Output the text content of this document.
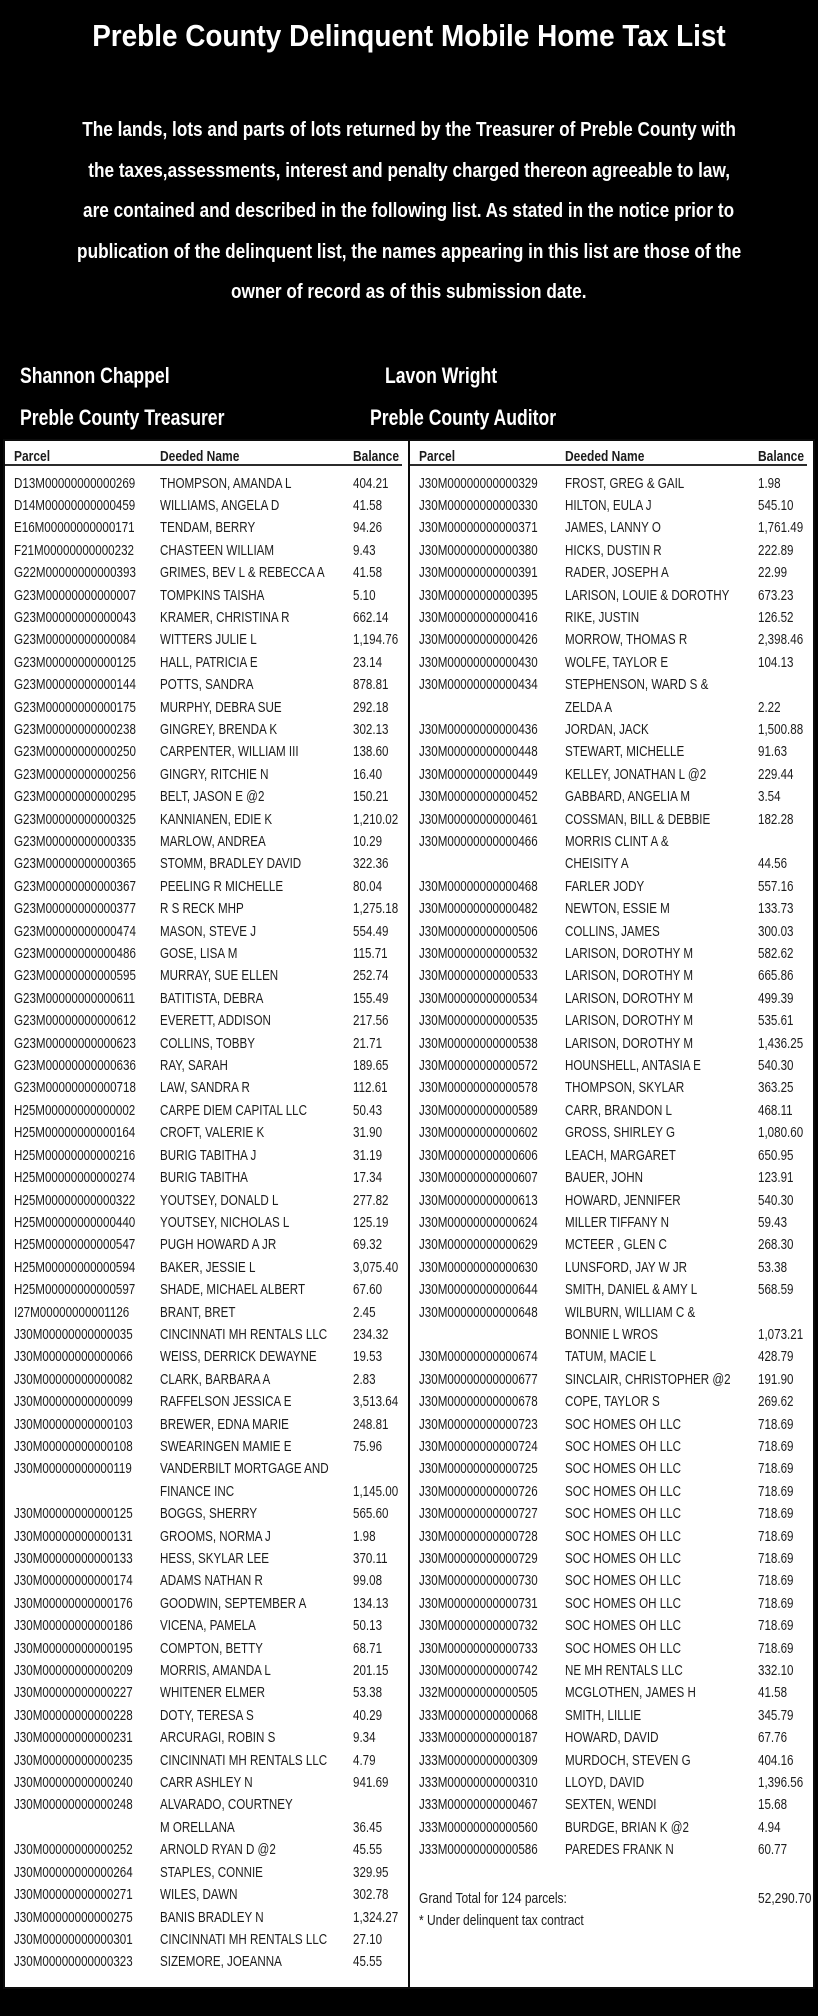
Preble County Delinquent Mobile Home Tax List
The lands, lots and parts of lots returned by the Treasurer of Preble County with
the taxes,assessments, interest and penalty charged thereon agreeable to law,
are contained and described in the following list. As stated in the notice prior to
publication of the delinquent list, the names appearing in this list are those of the
owner of record as of this submission date.
Shannon Chappel
Preble County Treasurer
Lavon Wright
Preble County Auditor
Parcel	Deeded Name	Balance
D13M00000000000269	THOMPSON, AMANDA L	404.21
D14M00000000000459	WILLIAMS, ANGELA D	41.58
E16M00000000000171	TENDAM, BERRY	94.26
F21M00000000000232	CHASTEEN WILLIAM	9.43
G22M00000000000393	GRIMES, BEV L & REBECCA A	41.58
G23M00000000000007	TOMPKINS TAISHA	5.10
G23M00000000000043	KRAMER, CHRISTINA R	662.14
G23M00000000000084	WITTERS JULIE L	1,194.76
G23M00000000000125	HALL, PATRICIA E	23.14
G23M00000000000144	POTTS, SANDRA	878.81
G23M00000000000175	MURPHY, DEBRA SUE	292.18
G23M00000000000238	GINGREY, BRENDA K	302.13
G23M00000000000250	CARPENTER, WILLIAM III	138.60
G23M00000000000256	GINGRY, RITCHIE N	16.40
G23M00000000000295	BELT, JASON E @2	150.21
G23M00000000000325	KANNIANEN, EDIE K	1,210.02
G23M00000000000335	MARLOW, ANDREA	10.29
G23M00000000000365	STOMM, BRADLEY DAVID	322.36
G23M00000000000367	PEELING R MICHELLE	80.04
G23M00000000000377	R S RECK MHP	1,275.18
G23M00000000000474	MASON, STEVE J	554.49
G23M00000000000486	GOSE, LISA M	115.71
G23M00000000000595	MURRAY, SUE ELLEN	252.74
G23M00000000000611	BATITISTA, DEBRA	155.49
G23M00000000000612	EVERETT, ADDISON	217.56
G23M00000000000623	COLLINS, TOBBY	21.71
G23M00000000000636	RAY, SARAH	189.65
G23M00000000000718	LAW, SANDRA R	112.61
H25M00000000000002	CARPE DIEM CAPITAL LLC	50.43
H25M00000000000164	CROFT, VALERIE K	31.90
H25M00000000000216	BURIG TABITHA J	31.19
H25M00000000000274	BURIG TABITHA	17.34
H25M00000000000322	YOUTSEY, DONALD L	277.82
H25M00000000000440	YOUTSEY, NICHOLAS L	125.19
H25M00000000000547	PUGH HOWARD A JR	69.32
H25M00000000000594	BAKER, JESSIE L	3,075.40
H25M00000000000597	SHADE, MICHAEL ALBERT	67.60
I27M00000000001126	BRANT, BRET	2.45
J30M00000000000035	CINCINNATI MH RENTALS LLC	234.32
J30M00000000000066	WEISS, DERRICK DEWAYNE	19.53
J30M00000000000082	CLARK, BARBARA A	2.83
J30M00000000000099	RAFFELSON JESSICA E	3,513.64
J30M00000000000103	BREWER, EDNA MARIE	248.81
J30M00000000000108	SWEARINGEN MAMIE E	75.96
J30M00000000000119	VANDERBILT MORTGAGE AND
FINANCE INC	1,145.00
J30M00000000000125	BOGGS, SHERRY	565.60
J30M00000000000131	GROOMS, NORMA J	1.98
J30M00000000000133	HESS, SKYLAR LEE	370.11
J30M00000000000174	ADAMS NATHAN R	99.08
J30M00000000000176	GOODWIN, SEPTEMBER A	134.13
J30M00000000000186	VICENA, PAMELA	50.13
J30M00000000000195	COMPTON, BETTY	68.71
J30M00000000000209	MORRIS, AMANDA L	201.15
J30M00000000000227	WHITENER ELMER	53.38
J30M00000000000228	DOTY, TERESA S	40.29
J30M00000000000231	ARCURAGI, ROBIN S	9.34
J30M00000000000235	CINCINNATI MH RENTALS LLC	4.79
J30M00000000000240	CARR ASHLEY N	941.69
J30M00000000000248	ALVARADO, COURTNEY
M ORELLANA	36.45
J30M00000000000252	ARNOLD RYAN D @2	45.55
J30M00000000000264	STAPLES, CONNIE	329.95
J30M00000000000271	WILES, DAWN	302.78
J30M00000000000275	BANIS BRADLEY N	1,324.27
J30M00000000000301	CINCINNATI MH RENTALS LLC	27.10
J30M00000000000323	SIZEMORE, JOEANNA	45.55
Parcel	Deeded Name	Balance
J30M00000000000329	FROST, GREG & GAIL	1.98
J30M00000000000330	HILTON, EULA J	545.10
J30M00000000000371	JAMES, LANNY O	1,761.49
J30M00000000000380	HICKS, DUSTIN R	222.89
J30M00000000000391	RADER, JOSEPH A	22.99
J30M00000000000395	LARISON, LOUIE & DOROTHY	673.23
J30M00000000000416	RIKE, JUSTIN	126.52
J30M00000000000426	MORROW, THOMAS R	2,398.46
J30M00000000000430	WOLFE, TAYLOR E	104.13
J30M00000000000434	STEPHENSON, WARD S &
ZELDA A	2.22
J30M00000000000436	JORDAN, JACK	1,500.88
J30M00000000000448	STEWART, MICHELLE	91.63
J30M00000000000449	KELLEY, JONATHAN L @2	229.44
J30M00000000000452	GABBARD, ANGELIA M	3.54
J30M00000000000461	COSSMAN, BILL & DEBBIE	182.28
J30M00000000000466	MORRIS CLINT A &
CHEISITY A	44.56
J30M00000000000468	FARLER JODY	557.16
J30M00000000000482	NEWTON, ESSIE M	133.73
J30M00000000000506	COLLINS, JAMES	300.03
J30M00000000000532	LARISON, DOROTHY M	582.62
J30M00000000000533	LARISON, DOROTHY M	665.86
J30M00000000000534	LARISON, DOROTHY M	499.39
J30M00000000000535	LARISON, DOROTHY M	535.61
J30M00000000000538	LARISON, DOROTHY M	1,436.25
J30M00000000000572	HOUNSHELL, ANTASIA E	540.30
J30M00000000000578	THOMPSON, SKYLAR	363.25
J30M00000000000589	CARR, BRANDON L	468.11
J30M00000000000602	GROSS, SHIRLEY G	1,080.60
J30M00000000000606	LEACH, MARGARET	650.95
J30M00000000000607	BAUER, JOHN	123.91
J30M00000000000613	HOWARD, JENNIFER	540.30
J30M00000000000624	MILLER TIFFANY N	59.43
J30M00000000000629	MCTEER , GLEN C	268.30
J30M00000000000630	LUNSFORD, JAY W JR	53.38
J30M00000000000644	SMITH, DANIEL & AMY L	568.59
J30M00000000000648	WILBURN, WILLIAM C &
BONNIE L WROS	1,073.21
J30M00000000000674	TATUM, MACIE L	428.79
J30M00000000000677	SINCLAIR, CHRISTOPHER @2	191.90
J30M00000000000678	COPE, TAYLOR S	269.62
J30M00000000000723	SOC HOMES OH LLC	718.69
J30M00000000000724	SOC HOMES OH LLC	718.69
J30M00000000000725	SOC HOMES OH LLC	718.69
J30M00000000000726	SOC HOMES OH LLC	718.69
J30M00000000000727	SOC HOMES OH LLC	718.69
J30M00000000000728	SOC HOMES OH LLC	718.69
J30M00000000000729	SOC HOMES OH LLC	718.69
J30M00000000000730	SOC HOMES OH LLC	718.69
J30M00000000000731	SOC HOMES OH LLC	718.69
J30M00000000000732	SOC HOMES OH LLC	718.69
J30M00000000000733	SOC HOMES OH LLC	718.69
J30M00000000000742	NE MH RENTALS LLC	332.10
J32M00000000000505	MCGLOTHEN, JAMES H	41.58
J33M00000000000068	SMITH, LILLIE	345.79
J33M00000000000187	HOWARD, DAVID	67.76
J33M00000000000309	MURDOCH, STEVEN G	404.16
J33M00000000000310	LLOYD, DAVID	1,396.56
J33M00000000000467	SEXTEN, WENDI	15.68
J33M00000000000560	BURDGE, BRIAN K @2	4.94
J33M00000000000586	PAREDES FRANK N	60.77
Grand Total for 124 parcels:	52,290.70
* Under delinquent tax contract
